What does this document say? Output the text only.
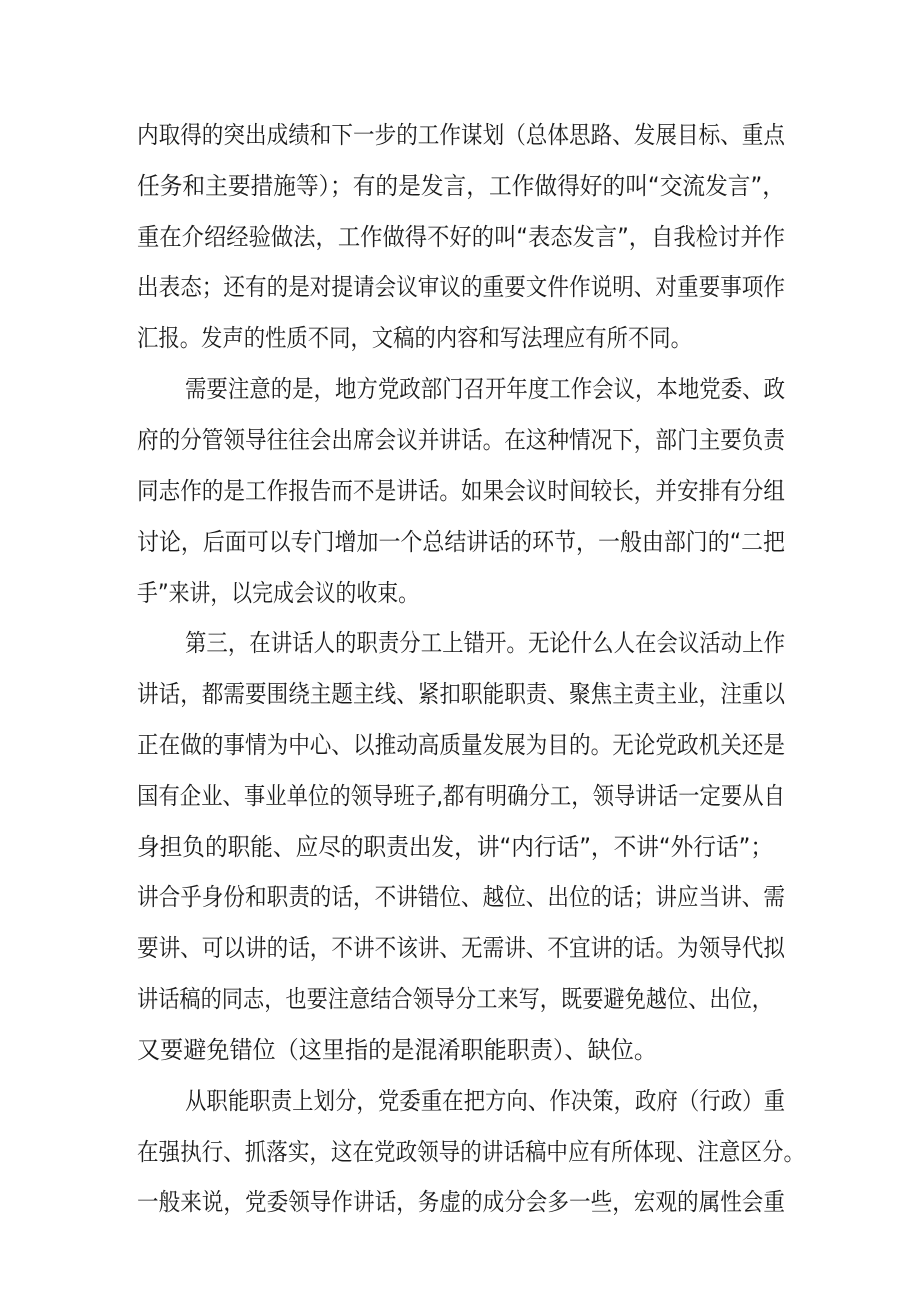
内取得的突出成绩和下一步的工作谋划（总体思路、发展目标、重点
任务和主要措施等）；有的是发言，工作做得好的叫“交流发言”，
重在介绍经验做法，工作做得不好的叫“表态发言”，自我检讨并作
出表态；还有的是对提请会议审议的重要文件作说明、对重要事项作
汇报。发声的性质不同，文稿的内容和写法理应有所不同。
需要注意的是，地方党政部门召开年度工作会议，本地党委、政
府的分管领导往往会出席会议并讲话。在这种情况下，部门主要负责
同志作的是工作报告而不是讲话。如果会议时间较长，并安排有分组
讨论，后面可以专门增加一个总结讲话的环节，一般由部门的“二把
手”来讲，以完成会议的收束。
第三，在讲话人的职责分工上错开。无论什么人在会议活动上作
讲话，都需要围绕主题主线、紧扣职能职责、聚焦主责主业，注重以
正在做的事情为中心、以推动高质量发展为目的。无论党政机关还是
国有企业、事业单位的领导班子,都有明确分工，领导讲话一定要从自
身担负的职能、应尽的职责出发，讲“内行话”，不讲“外行话”；
讲合乎身份和职责的话，不讲错位、越位、出位的话；讲应当讲、需
要讲、可以讲的话，不讲不该讲、无需讲、不宜讲的话。为领导代拟
讲话稿的同志，也要注意结合领导分工来写，既要避免越位、出位，
又要避免错位（这里指的是混淆职能职责）、缺位。
从职能职责上划分，党委重在把方向、作决策，政府（行政）重
在强执行、抓落实，这在党政领导的讲话稿中应有所体现、注意区分。
一般来说，党委领导作讲话，务虚的成分会多一些，宏观的属性会重
